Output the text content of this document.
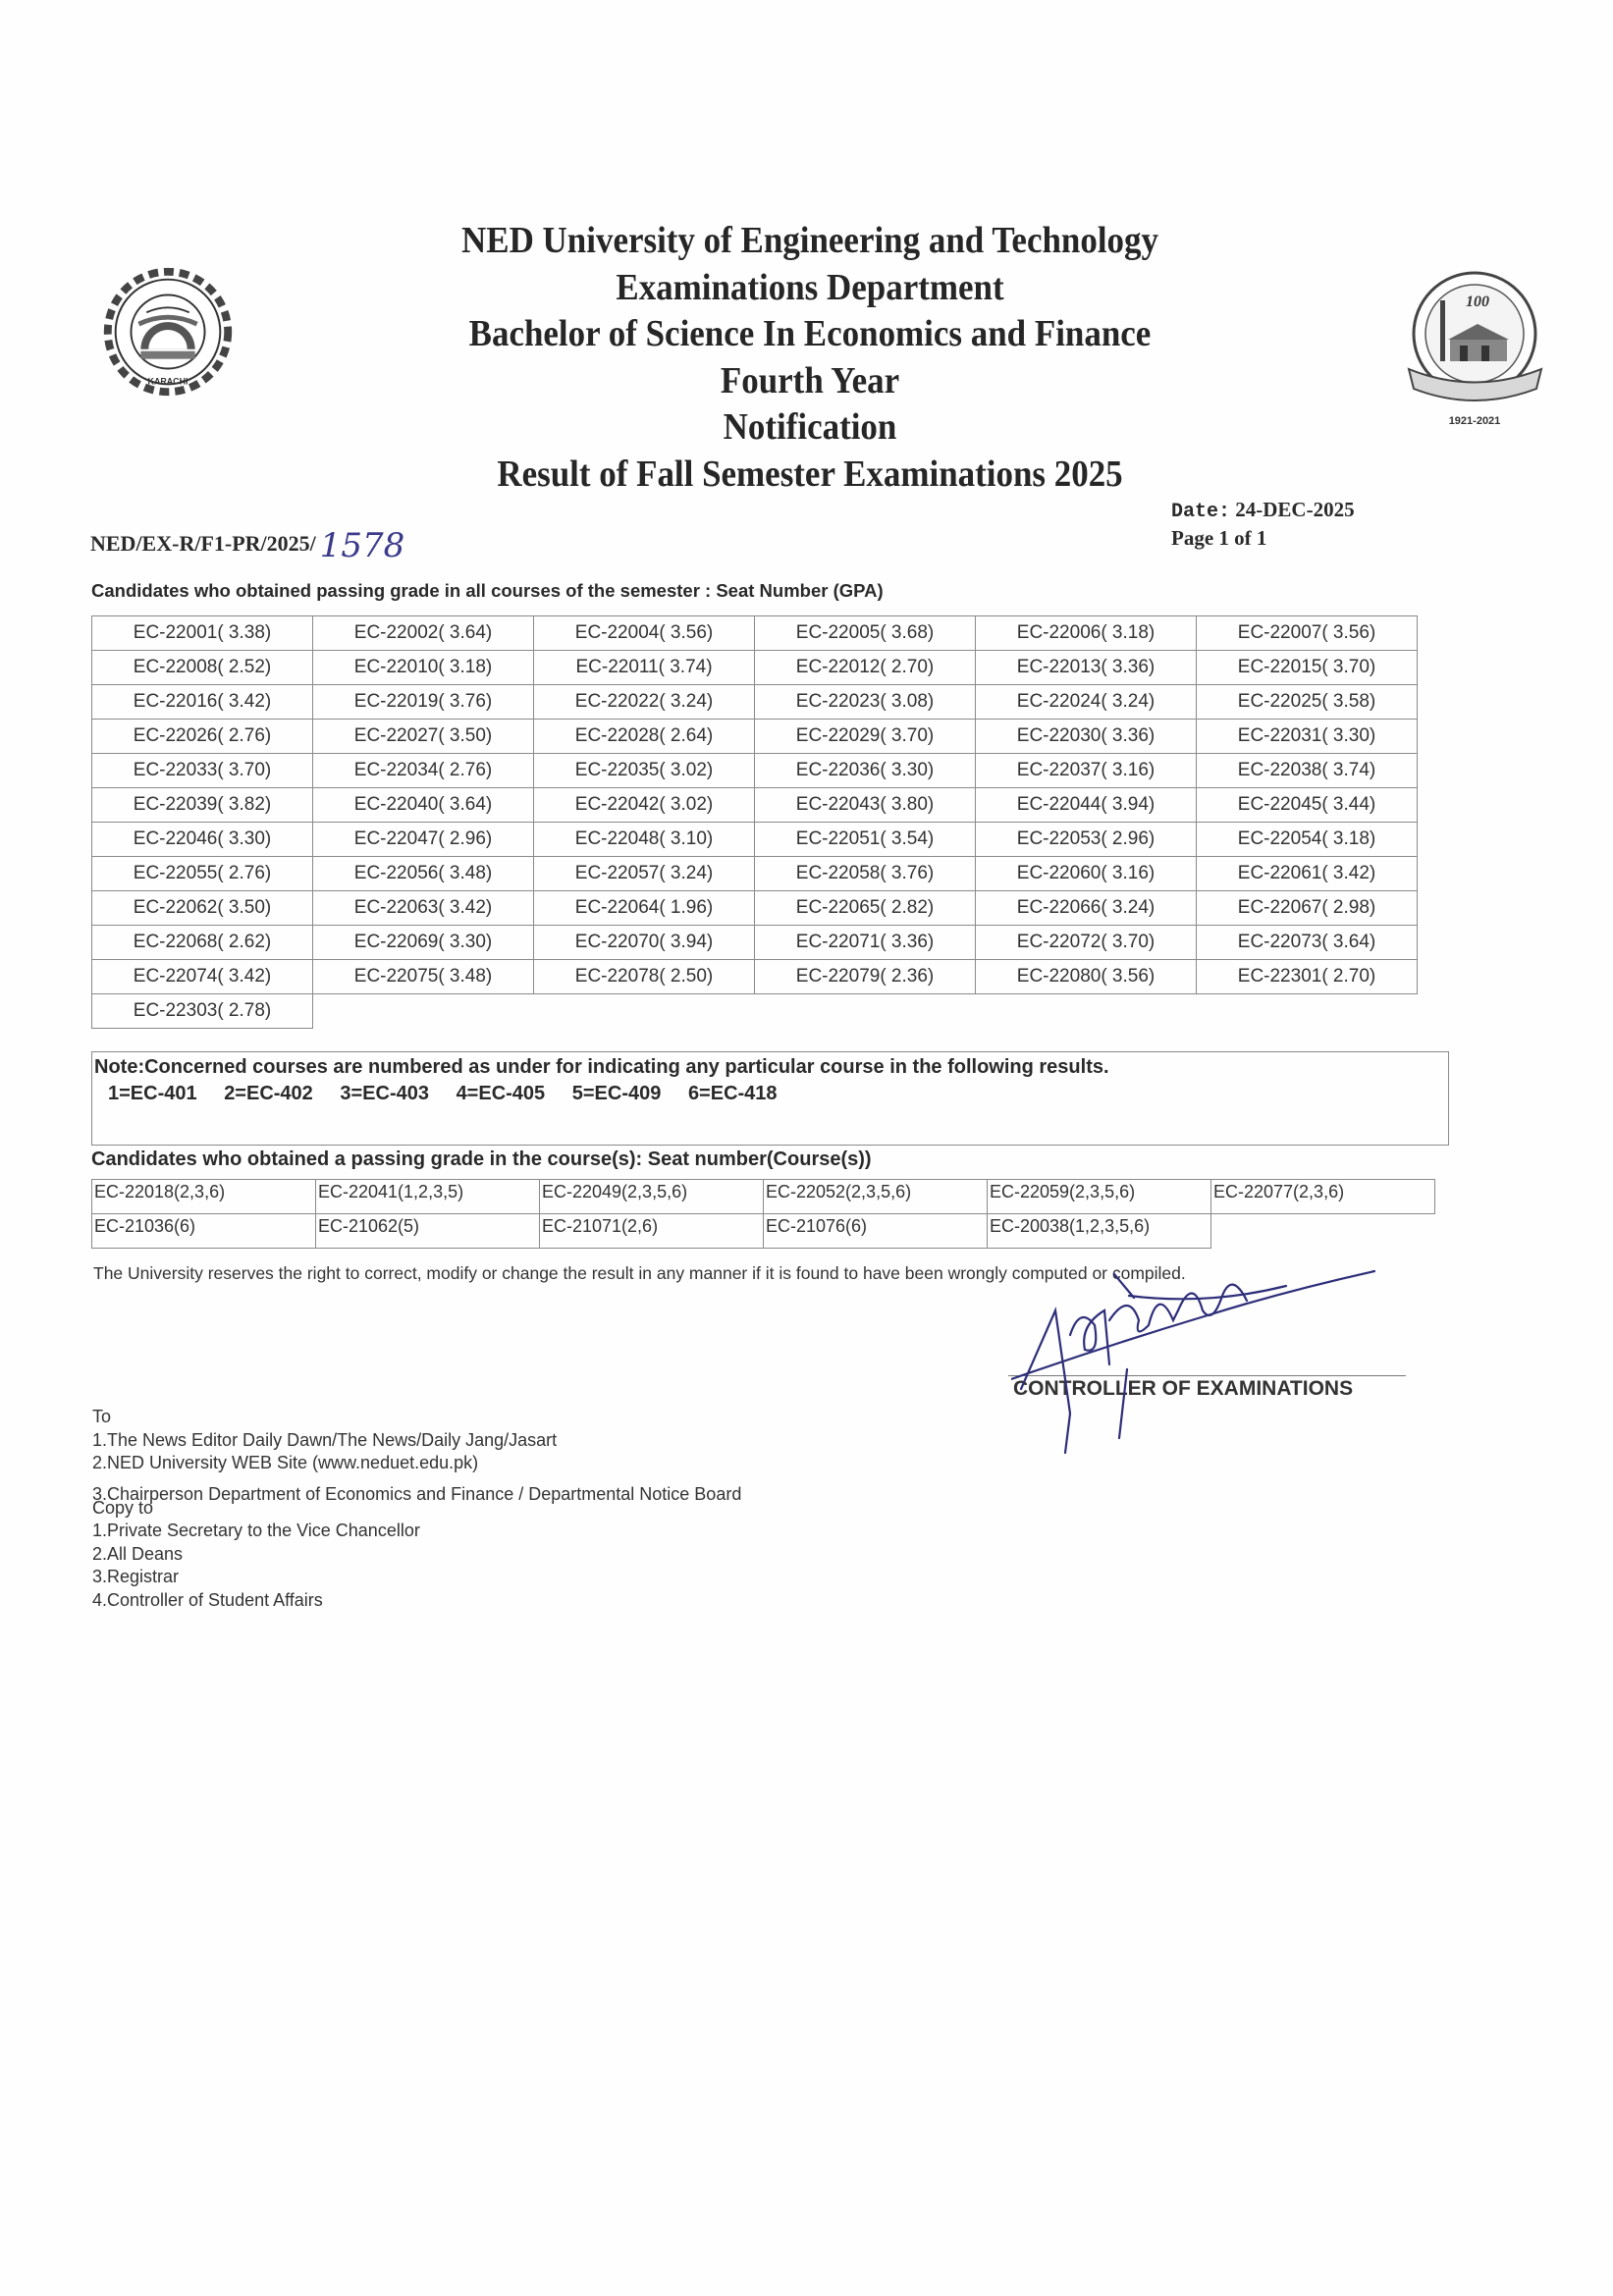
KARACHI
NED University of Engineering and Technology
Examinations Department
Bachelor of Science In Economics and Finance
Fourth Year
Notification
Result of Fall Semester Examinations 2025
100
1921-2021
NED/EX-R/F1-PR/2025/ 1578
Date: 24-DEC-2025
Page 1 of 1
Candidates who obtained passing grade in all courses of the semester : Seat Number (GPA)
EC-22001( 3.38)	EC-22002( 3.64)	EC-22004( 3.56)	EC-22005( 3.68)	EC-22006( 3.18)	EC-22007( 3.56)
EC-22008( 2.52)	EC-22010( 3.18)	EC-22011( 3.74)	EC-22012( 2.70)	EC-22013( 3.36)	EC-22015( 3.70)
EC-22016( 3.42)	EC-22019( 3.76)	EC-22022( 3.24)	EC-22023( 3.08)	EC-22024( 3.24)	EC-22025( 3.58)
EC-22026( 2.76)	EC-22027( 3.50)	EC-22028( 2.64)	EC-22029( 3.70)	EC-22030( 3.36)	EC-22031( 3.30)
EC-22033( 3.70)	EC-22034( 2.76)	EC-22035( 3.02)	EC-22036( 3.30)	EC-22037( 3.16)	EC-22038( 3.74)
EC-22039( 3.82)	EC-22040( 3.64)	EC-22042( 3.02)	EC-22043( 3.80)	EC-22044( 3.94)	EC-22045( 3.44)
EC-22046( 3.30)	EC-22047( 2.96)	EC-22048( 3.10)	EC-22051( 3.54)	EC-22053( 2.96)	EC-22054( 3.18)
EC-22055( 2.76)	EC-22056( 3.48)	EC-22057( 3.24)	EC-22058( 3.76)	EC-22060( 3.16)	EC-22061( 3.42)
EC-22062( 3.50)	EC-22063( 3.42)	EC-22064( 1.96)	EC-22065( 2.82)	EC-22066( 3.24)	EC-22067( 2.98)
EC-22068( 2.62)	EC-22069( 3.30)	EC-22070( 3.94)	EC-22071( 3.36)	EC-22072( 3.70)	EC-22073( 3.64)
EC-22074( 3.42)	EC-22075( 3.48)	EC-22078( 2.50)	EC-22079( 2.36)	EC-22080( 3.56)	EC-22301( 2.70)
EC-22303( 2.78)					
Note:Concerned courses are numbered as under for indicating any particular course in the following results.
1=EC-401 2=EC-402 3=EC-403 4=EC-405 5=EC-409 6=EC-418
Candidates who obtained a passing grade in the course(s): Seat number(Course(s))
EC-22018(2,3,6)	EC-22041(1,2,3,5)	EC-22049(2,3,5,6)	EC-22052(2,3,5,6)	EC-22059(2,3,5,6)	EC-22077(2,3,6)
EC-21036(6)	EC-21062(5)	EC-21071(2,6)	EC-21076(6)	EC-20038(1,2,3,5,6)	
The University reserves the right to correct, modify or change the result in any manner if it is found to have been wrongly computed or compiled.
CONTROLLER OF EXAMINATIONS
To
1.The News Editor Daily Dawn/The News/Daily Jang/Jasart
2.NED University WEB Site (www.neduet.edu.pk)
3.Chairperson Department of Economics and Finance / Departmental Notice Board
Copy to
1.Private Secretary to the Vice Chancellor
2.All Deans
3.Registrar
4.Controller of Student Affairs
